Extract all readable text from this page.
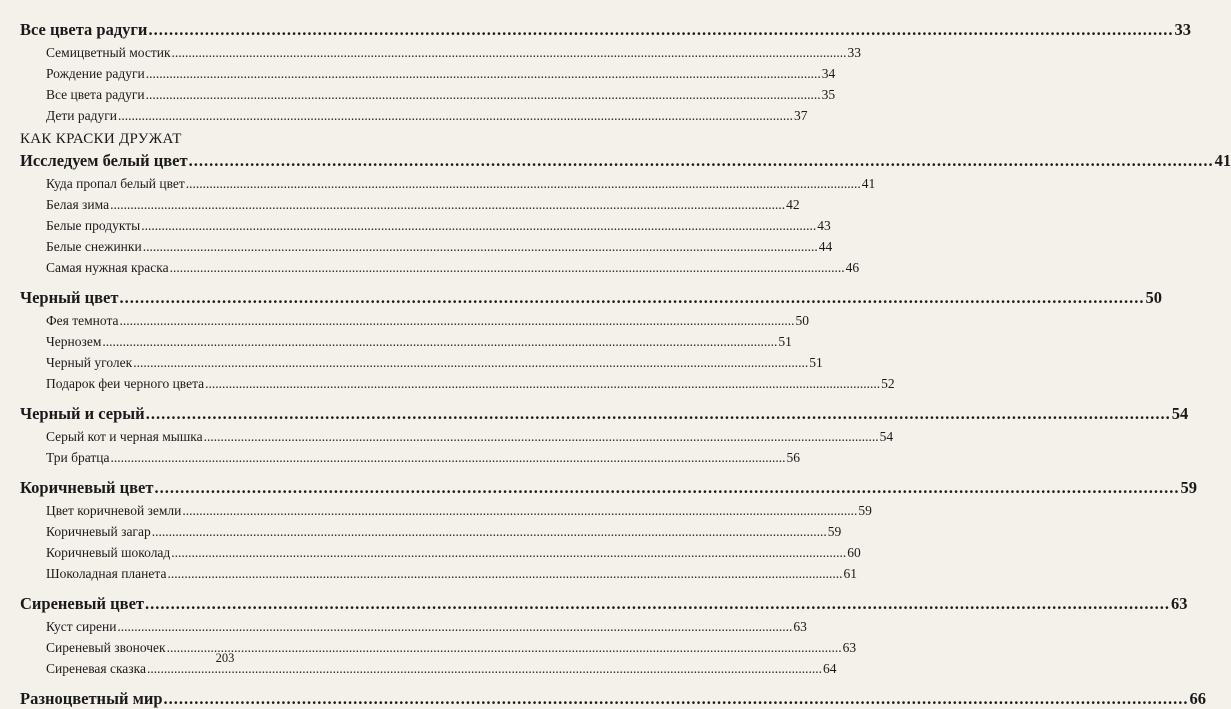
Все цвета радуги ........................................................................................................................................................................................................ 33
Семицветный мостик ........................................................................................................................................................................................................ 33
Рождение радуги ........................................................................................................................................................................................................ 34
Все цвета радуги ........................................................................................................................................................................................................ 35
Дети радуги ........................................................................................................................................................................................................ 37
Исследуем белый цвет ........................................................................................................................................................................................................ 41
Куда пропал белый цвет ........................................................................................................................................................................................................ 41
Белая зима ........................................................................................................................................................................................................ 42
Белые продукты ........................................................................................................................................................................................................ 43
Белые снежинки ........................................................................................................................................................................................................ 44
Самая нужная краска ........................................................................................................................................................................................................ 46
Черный цвет ........................................................................................................................................................................................................ 50
Фея темнота ........................................................................................................................................................................................................ 50
Чернозем ........................................................................................................................................................................................................ 51
Черный уголек ........................................................................................................................................................................................................ 51
Подарок феи черного цвета ........................................................................................................................................................................................................ 52
Черный и серый ........................................................................................................................................................................................................ 54
Серый кот и черная мышка ........................................................................................................................................................................................................ 54
Три братца ........................................................................................................................................................................................................ 56
Коричневый цвет ........................................................................................................................................................................................................ 59
Цвет коричневой земли ........................................................................................................................................................................................................ 59
Коричневый загар ........................................................................................................................................................................................................ 59
Коричневый шоколад ........................................................................................................................................................................................................ 60
Шоколадная планета ........................................................................................................................................................................................................ 61
Сиреневый цвет ........................................................................................................................................................................................................ 63
Куст сирени ........................................................................................................................................................................................................ 63
Сиреневый звоночек ........................................................................................................................................................................................................ 63
Сиреневая сказка ........................................................................................................................................................................................................ 64
Разноцветный мир ........................................................................................................................................................................................................ 66
КАК КРАСКИ ДРУЖАТ
203
